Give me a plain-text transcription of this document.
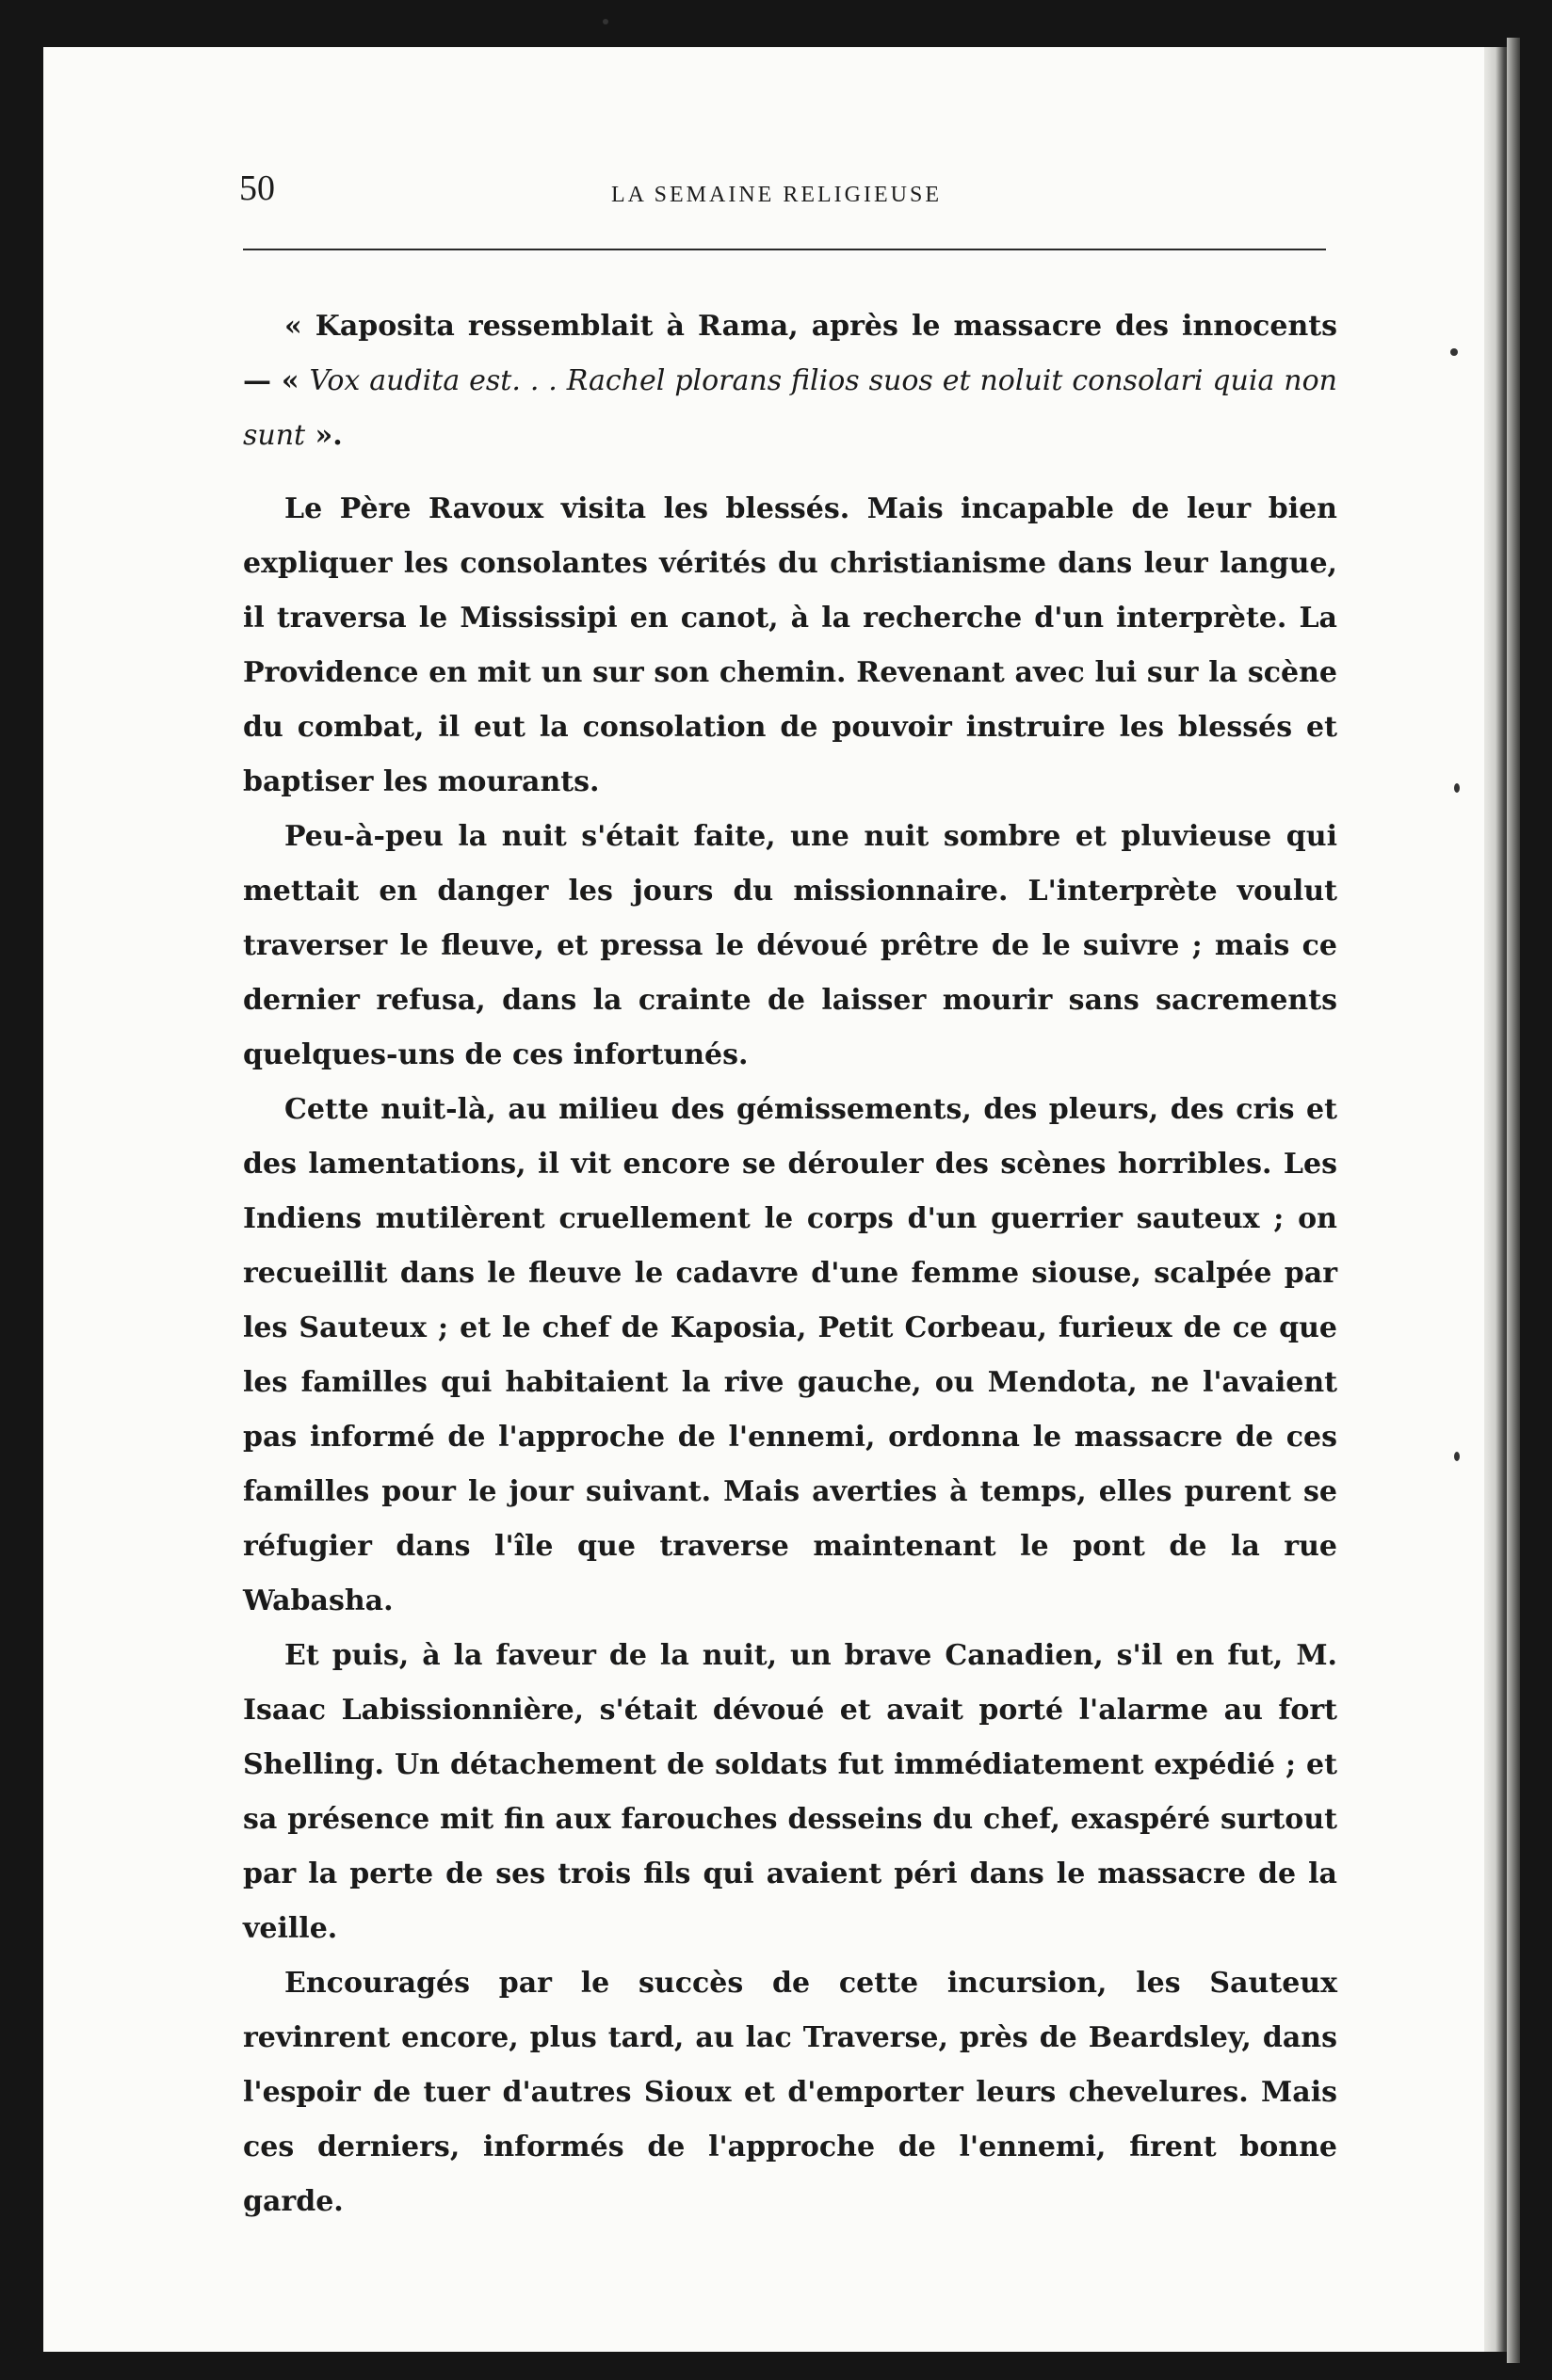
50	LA SEMAINE RELIGIEUSE

« Kaposita ressemblait à Rama, après le massacre des innocents — « Vox audita est. . . Rachel plorans filios suos et noluit consolari quia non sunt ».

Le Père Ravoux visita les blessés. Mais incapable de leur bien expliquer les consolantes vérités du christianisme dans leur langue, il traversa le Mississipi en canot, à la recherche d'un interprète. La Providence en mit un sur son chemin. Revenant avec lui sur la scène du combat, il eut la consolation de pouvoir instruire les blessés et baptiser les mourants.

Peu-à-peu la nuit s'était faite, une nuit sombre et pluvieuse qui mettait en danger les jours du missionnaire. L'interprète voulut traverser le fleuve, et pressa le dévoué prêtre de le suivre ; mais ce dernier refusa, dans la crainte de laisser mourir sans sacrements quelques-uns de ces infortunés.

Cette nuit-là, au milieu des gémissements, des pleurs, des cris et des lamentations, il vit encore se dérouler des scènes horribles. Les Indiens mutilèrent cruellement le corps d'un guerrier sauteux ; on recueillit dans le fleuve le cadavre d'une femme siouse, scalpée par les Sauteux ; et le chef de Kaposia, Petit Corbeau, furieux de ce que les familles qui habitaient la rive gauche, ou Mendota, ne l'avaient pas informé de l'approche de l'ennemi, ordonna le massacre de ces familles pour le jour suivant. Mais averties à temps, elles purent se réfugier dans l'île que traverse maintenant le pont de la rue Wabasha.

Et puis, à la faveur de la nuit, un brave Canadien, s'il en fut, M. Isaac Labissionnière, s'était dévoué et avait porté l'alarme au fort Shelling. Un détachement de soldats fut immédiatement expédié ; et sa présence mit fin aux farouches desseins du chef, exaspéré surtout par la perte de ses trois fils qui avaient péri dans le massacre de la veille.

Encouragés par le succès de cette incursion, les Sauteux revinrent encore, plus tard, au lac Traverse, près de Beardsley, dans l'espoir de tuer d'autres Sioux et d'emporter leurs chevelures. Mais ces derniers, informés de l'approche de l'ennemi, firent bonne garde.
